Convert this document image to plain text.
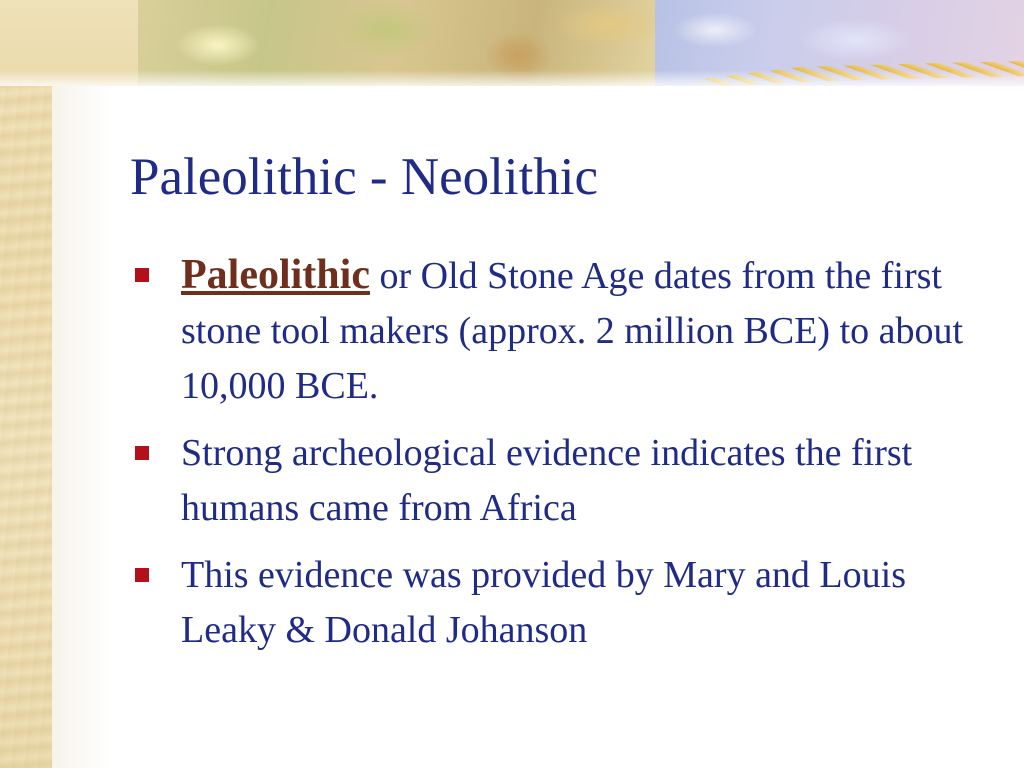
Paleolithic - Neolithic
Paleolithic or Old Stone Age dates from the first stone tool makers (approx. 2 million BCE) to about 10,000 BCE.
Strong archeological evidence indicates the first humans came from Africa
This evidence was provided by Mary and Louis Leaky & Donald Johanson
